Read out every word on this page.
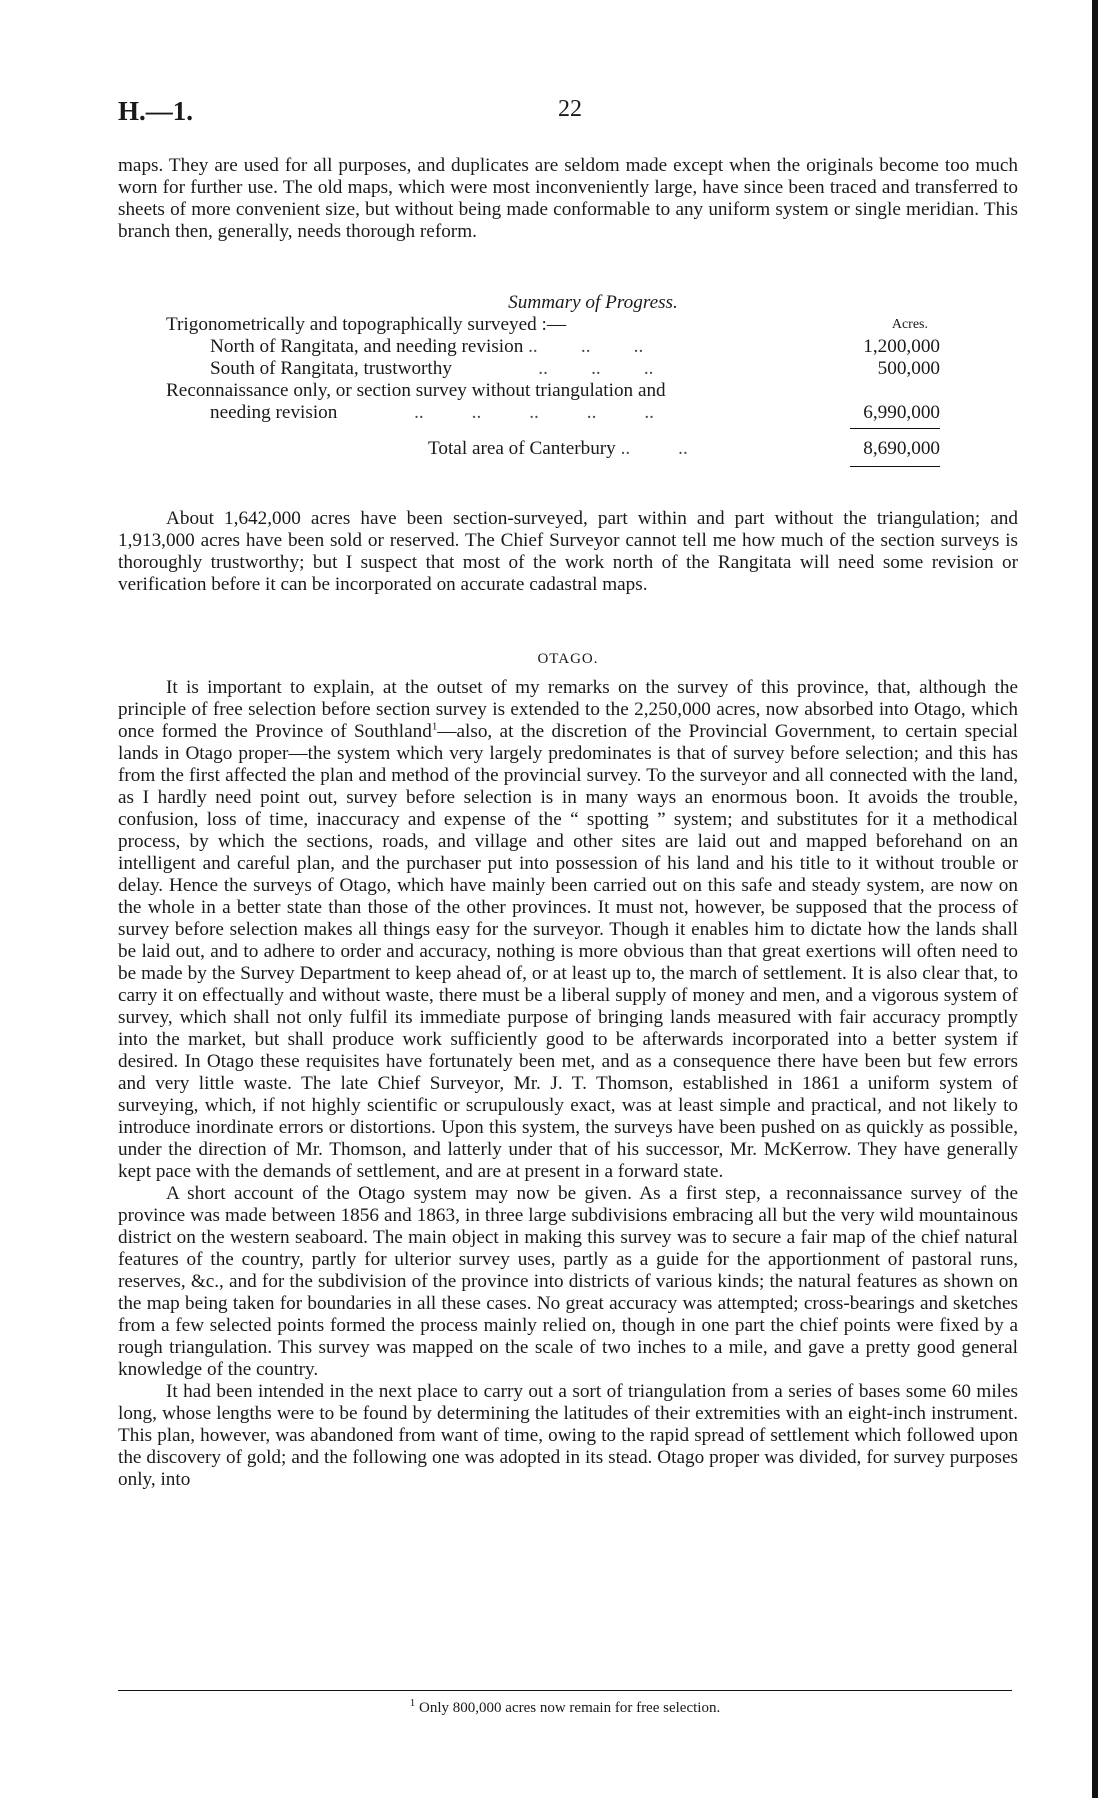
H.—1.	22
maps. They are used for all purposes, and duplicates are seldom made except when the originals become too much worn for further use. The old maps, which were most inconveniently large, have since been traced and transferred to sheets of more convenient size, but without being made conformable to any uniform system or single meridian. This branch then, generally, needs thorough reform.
Summary of Progress.
Trigonometrically and topographically surveyed :—	Acres.
North of Rangitata, and needing revision ..         ..         ..	1,200,000
South of Rangitata, trustworthy	..         ..         ..	500,000
Reconnaissance only, or section survey without triangulation and
needing revision	..          ..          ..          ..          ..	6,990,000
Total area of Canterbury ..          ..	8,690,000

About 1,642,000 acres have been section-surveyed, part within and part without the triangulation; and 1,913,000 acres have been sold or reserved. The Chief Surveyor cannot tell me how much of the section surveys is thoroughly trustworthy; but I suspect that most of the work north of the Rangitata will need some revision or verification before it can be incorporated on accurate cadastral maps.

OTAGO.

It is important to explain, at the outset of my remarks on the survey of this province, that, although the principle of free selection before section survey is extended to the 2,250,000 acres, now absorbed into Otago, which once formed the Province of Southland$^1$—also, at the discretion of the Provincial Government, to certain special lands in Otago proper—the system which very largely predominates is that of survey before selection; and this has from the first affected the plan and method of the provincial survey. To the surveyor and all connected with the land, as I hardly need point out, survey before selection is in many ways an enormous boon. It avoids the trouble, confusion, loss of time, inaccuracy and expense of the “ spotting ” system; and substitutes for it a methodical process, by which the sections, roads, and village and other sites are laid out and mapped beforehand on an intelligent and careful plan, and the purchaser put into possession of his land and his title to it without trouble or delay. Hence the surveys of Otago, which have mainly been carried out on this safe and steady system, are now on the whole in a better state than those of the other provinces. It must not, however, be supposed that the process of survey before selection makes all things easy for the surveyor. Though it enables him to dictate how the lands shall be laid out, and to adhere to order and accuracy, nothing is more obvious than that great exertions will often need to be made by the Survey Department to keep ahead of, or at least up to, the march of settlement. It is also clear that, to carry it on effectually and without waste, there must be a liberal supply of money and men, and a vigorous system of survey, which shall not only fulfil its immediate purpose of bringing lands measured with fair accuracy promptly into the market, but shall produce work sufficiently good to be afterwards incorporated into a better system if desired. In Otago these requisites have fortunately been met, and as a consequence there have been but few errors and very little waste. The late Chief Surveyor, Mr. J. T. Thomson, established in 1861 a uniform system of surveying, which, if not highly scientific or scrupulously exact, was at least simple and practical, and not likely to introduce inordinate errors or distortions. Upon this system, the surveys have been pushed on as quickly as possible, under the direction of Mr. Thomson, and latterly under that of his successor, Mr. McKerrow. They have generally kept pace with the demands of settlement, and are at present in a forward state.

A short account of the Otago system may now be given. As a first step, a reconnaissance survey of the province was made between 1856 and 1863, in three large subdivisions embracing all but the very wild mountainous district on the western seaboard. The main object in making this survey was to secure a fair map of the chief natural features of the country, partly for ulterior survey uses, partly as a guide for the apportionment of pastoral runs, reserves, &c., and for the subdivision of the province into districts of various kinds; the natural features as shown on the map being taken for boundaries in all these cases. No great accuracy was attempted; cross-bearings and sketches from a few selected points formed the process mainly relied on, though in one part the chief points were fixed by a rough triangulation. This survey was mapped on the scale of two inches to a mile, and gave a pretty good general knowledge of the country.

It had been intended in the next place to carry out a sort of triangulation from a series of bases some 60 miles long, whose lengths were to be found by determining the latitudes of their extremities with an eight-inch instrument. This plan, however, was abandoned from want of time, owing to the rapid spread of settlement which followed upon the discovery of gold; and the following one was adopted in its stead. Otago proper was divided, for survey purposes only, into

$^1$ Only 800,000 acres now remain for free selection.
